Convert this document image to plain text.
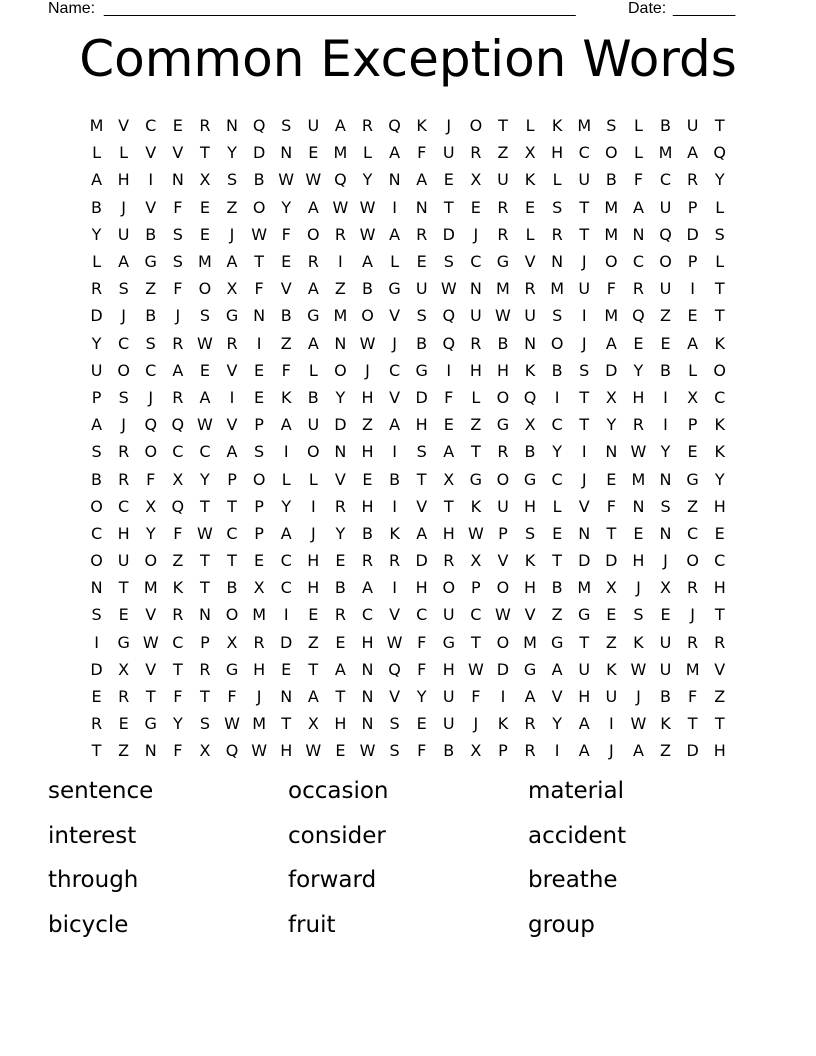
Name: _____________________________________________________	Date: _______
Common Exception Words
M V	C	E	R N Q S	U A	R Q K	J	O T	L	K M S	L	B U	T
L	L	V	V	T	Y	D N	E M L	A	F	U R	Z	X H C O	L M A Q
A H	I	N X	S	B W W Q Y	N A	E	X U K	L	U B	F	C R	Y
B	J	V	F	E	Z O Y	A W W	I	N	T	E	R	E	S	T M A U	P	L
Y	U B	S	E	J	W F	O R W A	R D	J	R	L	R	T M N Q D S
L	A G S M A	T	E	R	I	A	L	E	S	C G V N	J	O C O P	L
R	S	Z	F	O X	F	V	A	Z	B G U W N M R M U	F	R U	I	T
D	J	B	J	S G N B G M O V	S Q U W U	S	I	M Q Z	E	T
Y	C	S	R W R	I	Z	A N W	J	B Q R	B N O	J	A	E	E	A	K
U O C	A	E	V	E	F	L	O	J	C G	I	H H K	B	S D	Y	B	L	O
P	S	J	R	A	I	E	K	B	Y	H V D	F	L	O Q	I	T	X H	I	X	C
A	J	Q Q W V	P	A U D Z	A H	E	Z G X	C	T	Y	R	I	P	K
S	R O C C	A	S	I	O N H	I	S	A	T	R	B	Y	I	N W Y	E	K
B	R	F	X	Y	P O	L	L	V	E	B	T	X G O G C	J	E M N G	Y
O C	X Q T	T	P	Y	I	R H	I	V	T	K U H	L	V	F	N	S	Z H
C H	Y	F W C	P	A	J	Y	B	K	A H W P	S	E	N	T	E	N C	E
O U O Z	T	T	E	C H	E	R R D R	X	V	K	T	D D H	J	O C
N	T M K	T	B	X	C H B	A	I	H O P O H B M X	J	X	R H
S	E	V	R N O M	I	E	R C	V	C U C W V	Z G E	S	E	J	T
I	G W C	P	X	R D Z	E	H W F	G	T O M G	T	Z	K U R R
D X	V	T	R G H	E	T	A N Q	F	H W D G A U K W U M V
E	R	T	F	T	F	J	N A	T	N V	Y	U	F	I	A	V H U	J	B	F	Z
R	E G	Y	S W M T	X H N	S	E	U	J	K	R	Y	A	I	W K	T	T
T	Z N	F	X Q W H W E W S	F	B	X	P	R	I	A	J	A	Z D H
sentence	occasion	material
interest	consider	accident
through	forward	breathe
bicycle	fruit	group
